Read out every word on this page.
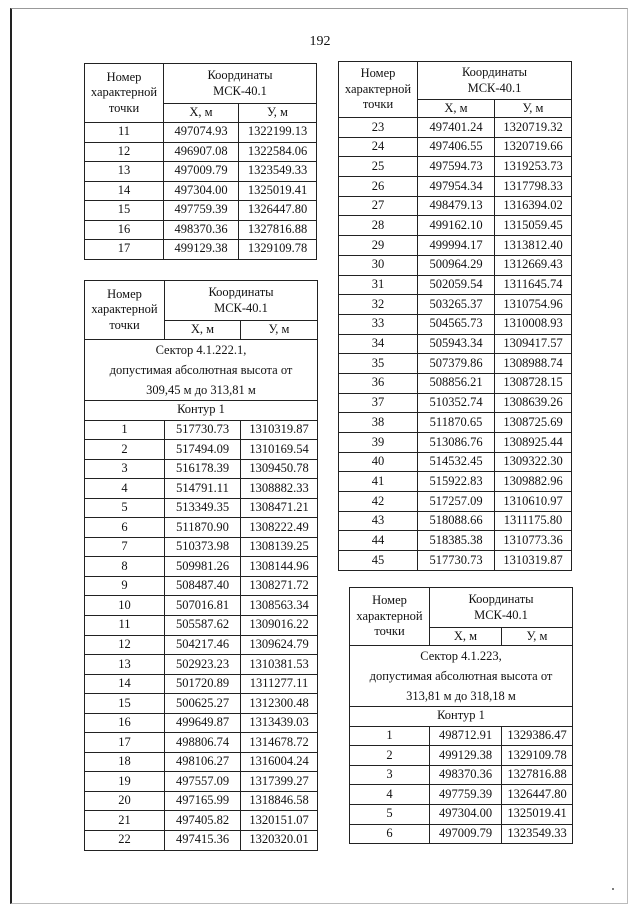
192
Номер
характерной
точки	Координаты
МСК-40.1	

	X, м	У, м
11	497074.93	1322199.13
12	496907.08	1322584.06
13	497009.79	1323549.33
14	497304.00	1325019.41
15	497759.39	1326447.80
16	498370.36	1327816.88
17	499129.38	1329109.78
Номер
характерной
точки	Координаты
МСК-40.1	

	X, м	У, м
23	497401.24	1320719.32
24	497406.55	1320719.66
25	497594.73	1319253.73
26	497954.34	1317798.33
27	498479.13	1316394.02
28	499162.10	1315059.45
29	499994.17	1313812.40
30	500964.29	1312669.43
31	502059.54	1311645.74
32	503265.37	1310754.96
33	504565.73	1310008.93
34	505943.34	1309417.57
35	507379.86	1308988.74
36	508856.21	1308728.15
37	510352.74	1308639.26
38	511870.65	1308725.69
39	513086.76	1308925.44
40	514532.45	1309322.30
41	515922.83	1309882.96
42	517257.09	1310610.97
43	518088.66	1311175.80
44	518385.38	1310773.36
45	517730.73	1310319.87
Номер
характерной
точки	Координаты
МСК-40.1	

	X, м	У, м

Сектор 4.1.222.1,
допустимая абсолютная высота от
309,45 м до 313,81 м		

Контур 1		
1	517730.73	1310319.87
2	517494.09	1310169.54
3	516178.39	1309450.78
4	514791.11	1308882.33
5	513349.35	1308471.21
6	511870.90	1308222.49
7	510373.98	1308139.25
8	509981.26	1308144.96
9	508487.40	1308271.72
10	507016.81	1308563.34
11	505587.62	1309016.22
12	504217.46	1309624.79
13	502923.23	1310381.53
14	501720.89	1311277.11
15	500625.27	1312300.48
16	499649.87	1313439.03
17	498806.74	1314678.72
18	498106.27	1316004.24
19	497557.09	1317399.27
20	497165.99	1318846.58
21	497405.82	1320151.07
22	497415.36	1320320.01
Номер
характерной
точки	Координаты
МСК-40.1	

	X, м	У, м

Сектор 4.1.223,
допустимая абсолютная высота от
313,81 м до 318,18 м		

Контур 1		
1	498712.91	1329386.47
2	499129.38	1329109.78
3	498370.36	1327816.88
4	497759.39	1326447.80
5	497304.00	1325019.41
6	497009.79	1323549.33
